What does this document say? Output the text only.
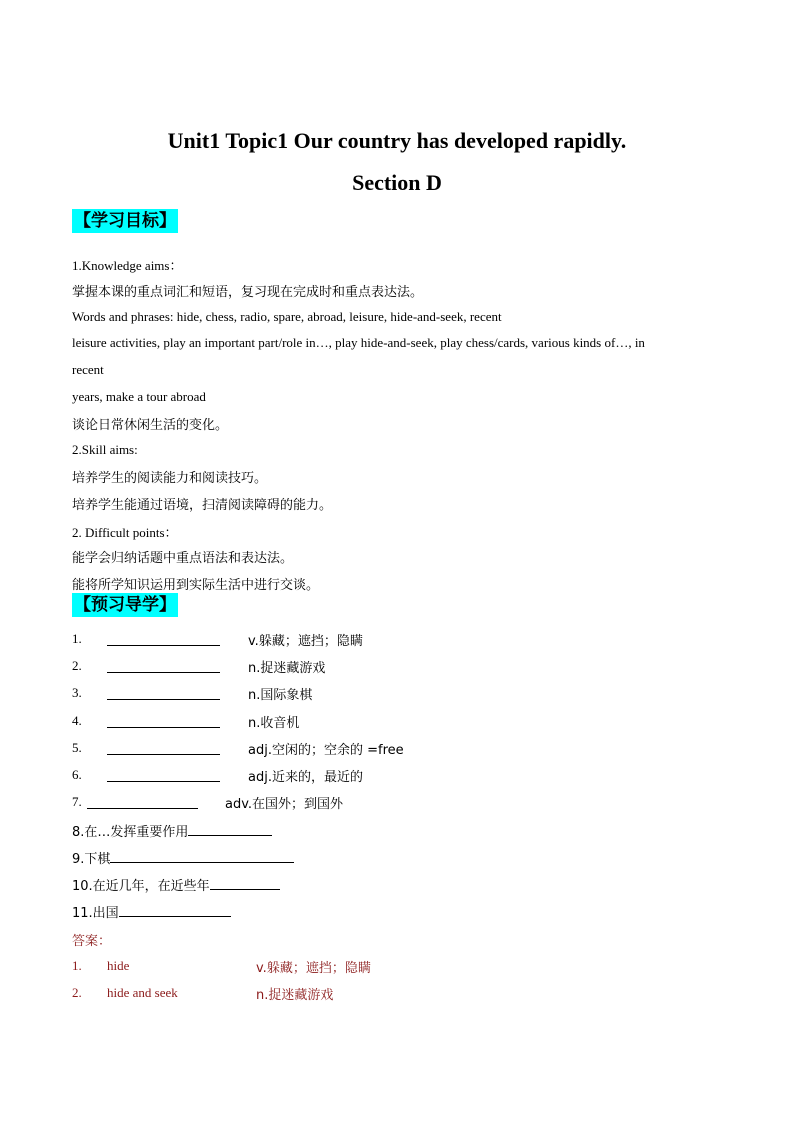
Unit1 Topic1 Our country has developed rapidly.
Section D
【学习目标】
1.Knowledge aims：
掌握本课的重点词汇和短语，复习现在完成时和重点表达法。
Words and phrases: hide, chess, radio, spare, abroad, leisure, hide-and-seek, recent
leisure activities, play an important part/role in…, play hide-and-seek, play chess/cards, various kinds of…, in
recent
years, make a tour abroad
谈论日常休闲生活的变化。
2.Skill aims:
培养学生的阅读能力和阅读技巧。
培养学生能通过语境，扫清阅读障碍的能力。
2. Difficult points：
能学会归纳话题中重点语法和表达法。
能将所学知识运用到实际生活中进行交谈。
【预习导学】
1.	v.躲藏；遮挡；隐瞒
2.	n.捉迷藏游戏
3.	n.国际象棋
4.	n.收音机
5.	adj.空闲的；空余的 =free
6.	adj.近来的，最近的
7.	adv.在国外；到国外
8.在…发挥重要作用
9.下棋
10.在近几年，在近些年
11.出国
答案：
1. hide	v.躲藏；遮挡；隐瞒
2. hide and seek	n.捉迷藏游戏
